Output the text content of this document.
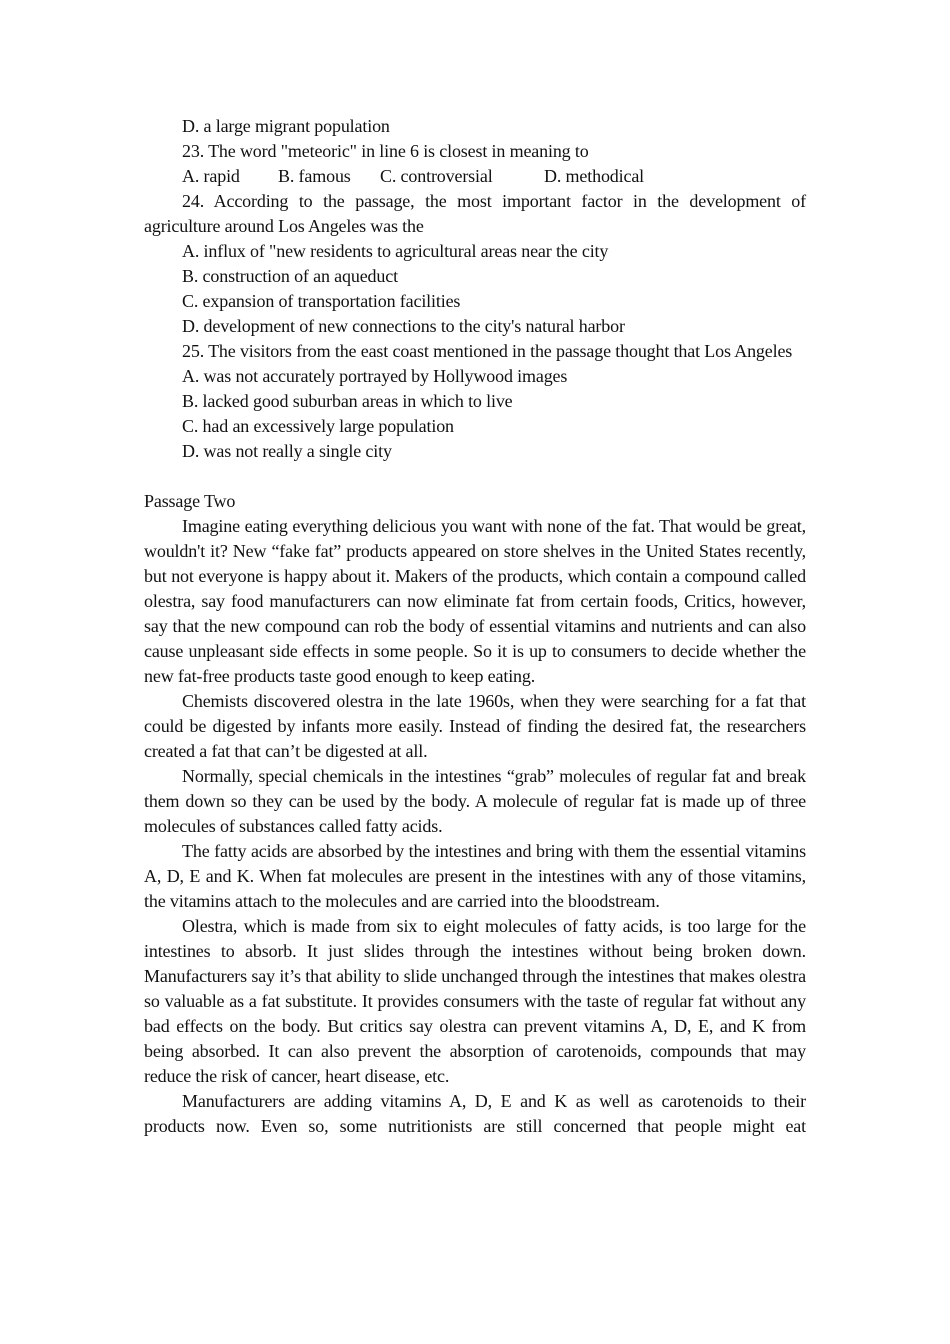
D. a large migrant population
23. The word "meteoric" in line 6 is closest in meaning to
A. rapid B. famous C. controversial	D. methodical

24. According to the passage, the most important factor in the development of agriculture around Los Angeles was the

A. influx of "new residents to agricultural areas near the city
B. construction of an aqueduct
C. expansion of transportation facilities
D. development of new connections to the city's natural harbor

25. The visitors from the east coast mentioned in the passage thought that Los Angeles

A. was not accurately portrayed by Hollywood images
B. lacked good suburban areas in which to live
C. had an excessively large population
D. was not really a single city
Passage Two

Imagine eating everything delicious you want with none of the fat. That would be great, wouldn't it? New “fake fat” products appeared on store shelves in the United States recently, but not everyone is happy about it. Makers of the products, which contain a compound called olestra, say food manufacturers can now eliminate fat from certain foods, Critics, however, say that the new compound can rob the body of essential vitamins and nutrients and can also cause unpleasant side effects in some people. So it is up to consumers to decide whether the new fat-free products taste good enough to keep eating.

Chemists discovered olestra in the late 1960s, when they were searching for a fat that could be digested by infants more easily. Instead of finding the desired fat, the researchers created a fat that can’t be digested at all.

Normally, special chemicals in the intestines “grab” molecules of regular fat and break them down so they can be used by the body. A molecule of regular fat is made up of three molecules of substances called fatty acids.

The fatty acids are absorbed by the intestines and bring with them the essential vitamins A, D, E and K. When fat molecules are present in the intestines with any of those vitamins, the vitamins attach to the molecules and are carried into the bloodstream.

Olestra, which is made from six to eight molecules of fatty acids, is too large for the intestines to absorb. It just slides through the intestines without being broken down. Manufacturers say it’s that ability to slide unchanged through the intestines that makes olestra so valuable as a fat substitute. It provides consumers with the taste of regular fat without any bad effects on the body. But critics say olestra can prevent vitamins A, D, E, and K from being absorbed. It can also prevent the absorption of carotenoids, compounds that may reduce the risk of cancer, heart disease, etc.

Manufacturers are adding vitamins A, D, E and K as well as carotenoids to their products now. Even so, some nutritionists are still concerned that people might eat
